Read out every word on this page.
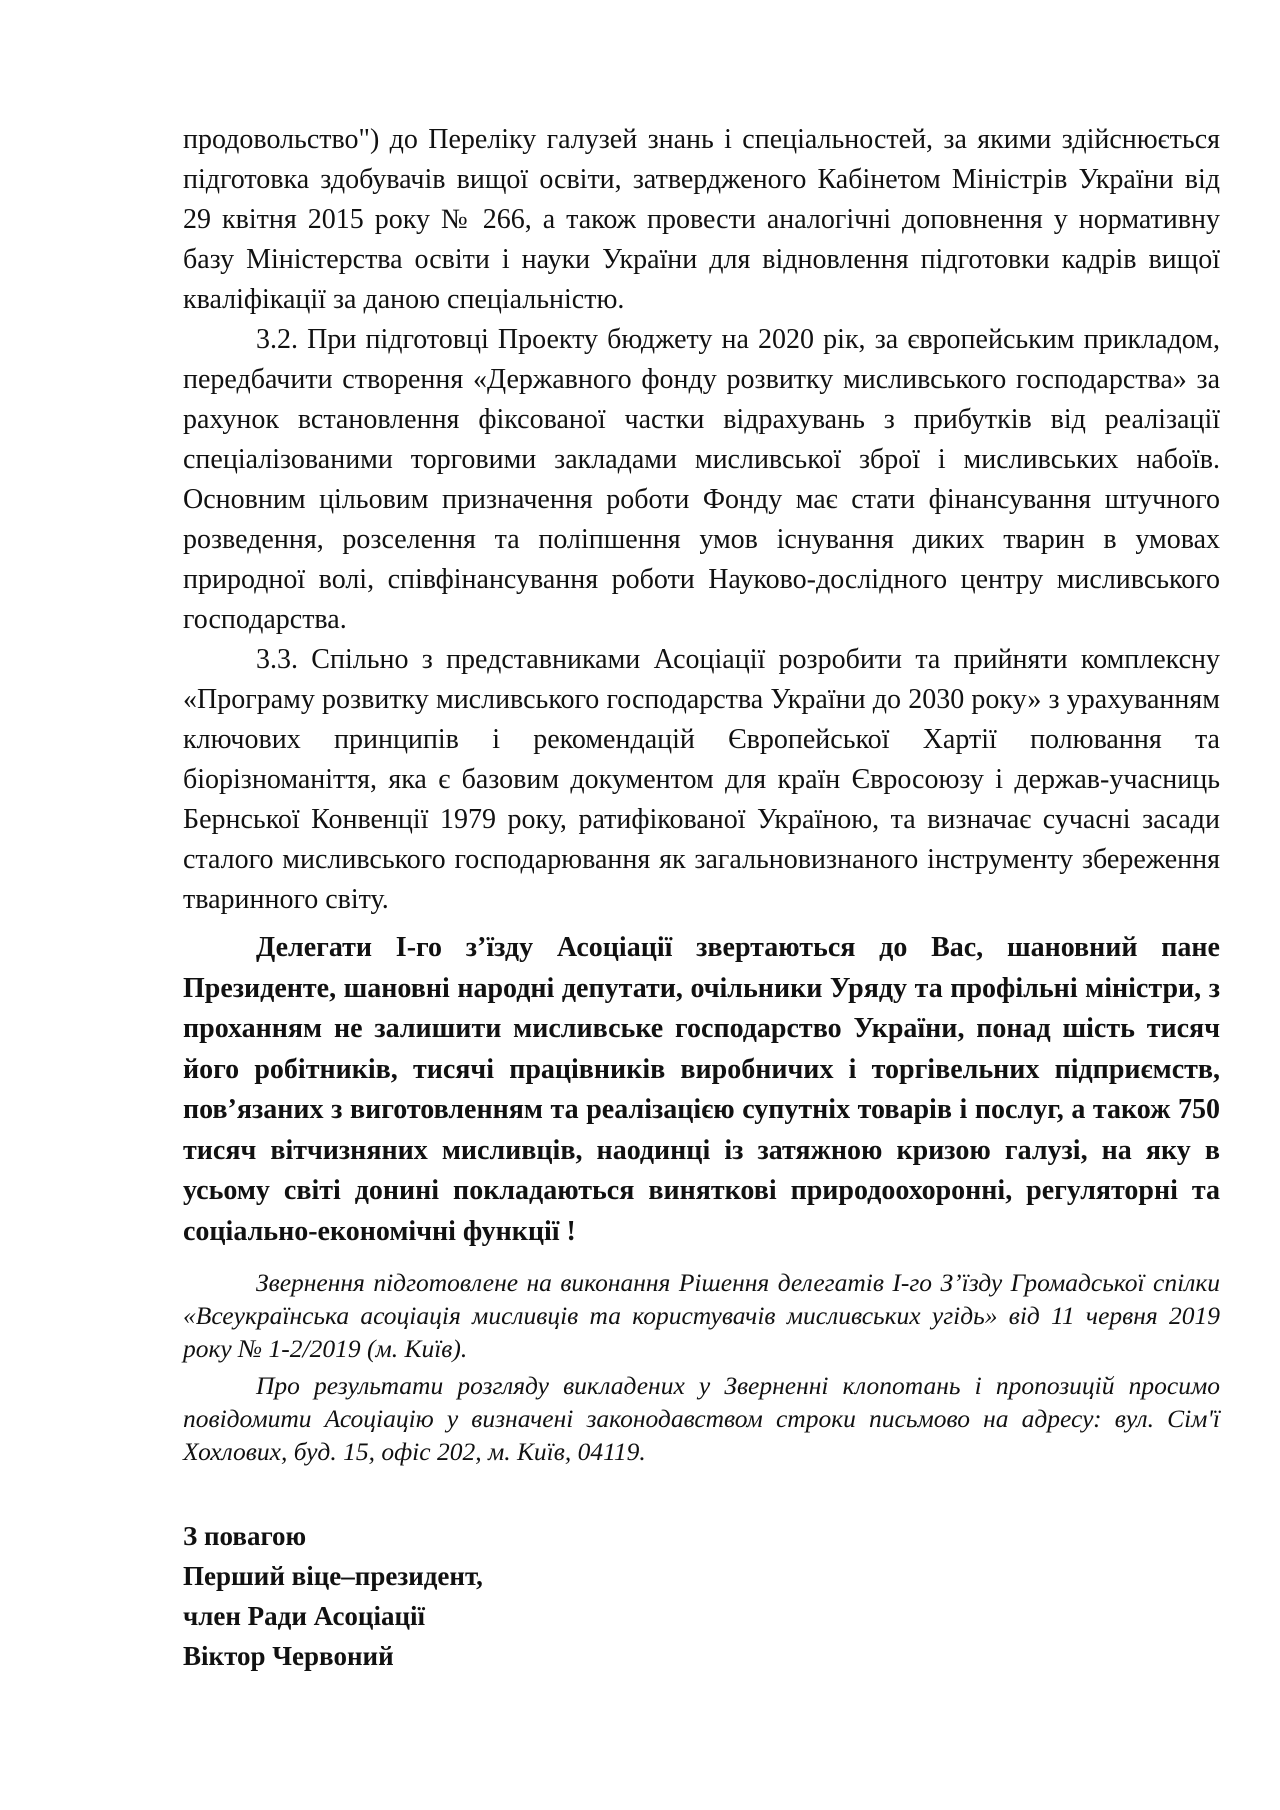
продовольство") до Переліку галузей знань і спеціальностей, за якими здійснюється підготовка здобувачів вищої освіти, затвердженого Кабінетом Міністрів України від 29 квітня 2015 року № 266, а також провести аналогічні доповнення у нормативну базу Міністерства освіти і науки України для відновлення підготовки кадрів вищої кваліфікації за даною спеціальністю.

3.2. При підготовці Проекту бюджету на 2020 рік, за європейським прикладом, передбачити створення «Державного фонду розвитку мисливського господарства» за рахунок встановлення фіксованої частки відрахувань з прибутків від реалізації спеціалізованими торговими закладами мисливської зброї і мисливських набоїв. Основним цільовим призначення роботи Фонду має стати фінансування штучного розведення, розселення та поліпшення умов існування диких тварин в умовах природної волі, співфінансування роботи Науково-дослідного центру мисливського господарства.

3.3. Спільно з представниками Асоціації розробити та прийняти комплексну «Програму розвитку мисливського господарства України до 2030 року» з урахуванням ключових принципів і рекомендацій Європейської Хартії полювання та біорізноманіття, яка є базовим документом для країн Євросоюзу і держав-учасниць Бернської Конвенції 1979 року, ратифікованої Україною, та визначає сучасні засади сталого мисливського господарювання як загальновизнаного інструменту збереження тваринного світу.

Делегати І-го з’їзду Асоціації звертаються до Вас, шановний пане Президенте, шановні народні депутати, очільники Уряду та профільні міністри, з проханням не залишити мисливське господарство України, понад шість тисяч його робітників, тисячі працівників виробничих і торгівельних підприємств, пов’язаних з виготовленням та реалізацією супутніх товарів і послуг, а також 750 тисяч вітчизняних мисливців, наодинці із затяжною кризою галузі, на яку в усьому світі донині покладаються виняткові природоохоронні, регуляторні та соціально-економічні функції !

Звернення підготовлене на виконання Рішення делегатів І-го З’їзду Громадської спілки «Всеукраїнська асоціація мисливців та користувачів мисливських угідь» від 11 червня 2019 року № 1-2/2019 (м. Київ).

Про результати розгляду викладених у Зверненні клопотань і пропозицій просимо повідомити Асоціацію у визначені законодавством строки письмово на адресу: вул. Сім'ї Хохлових, буд. 15, офіс 202, м. Київ, 04119.

З повагою
Перший віце–президент,
член Ради Асоціації
Віктор Червоний
